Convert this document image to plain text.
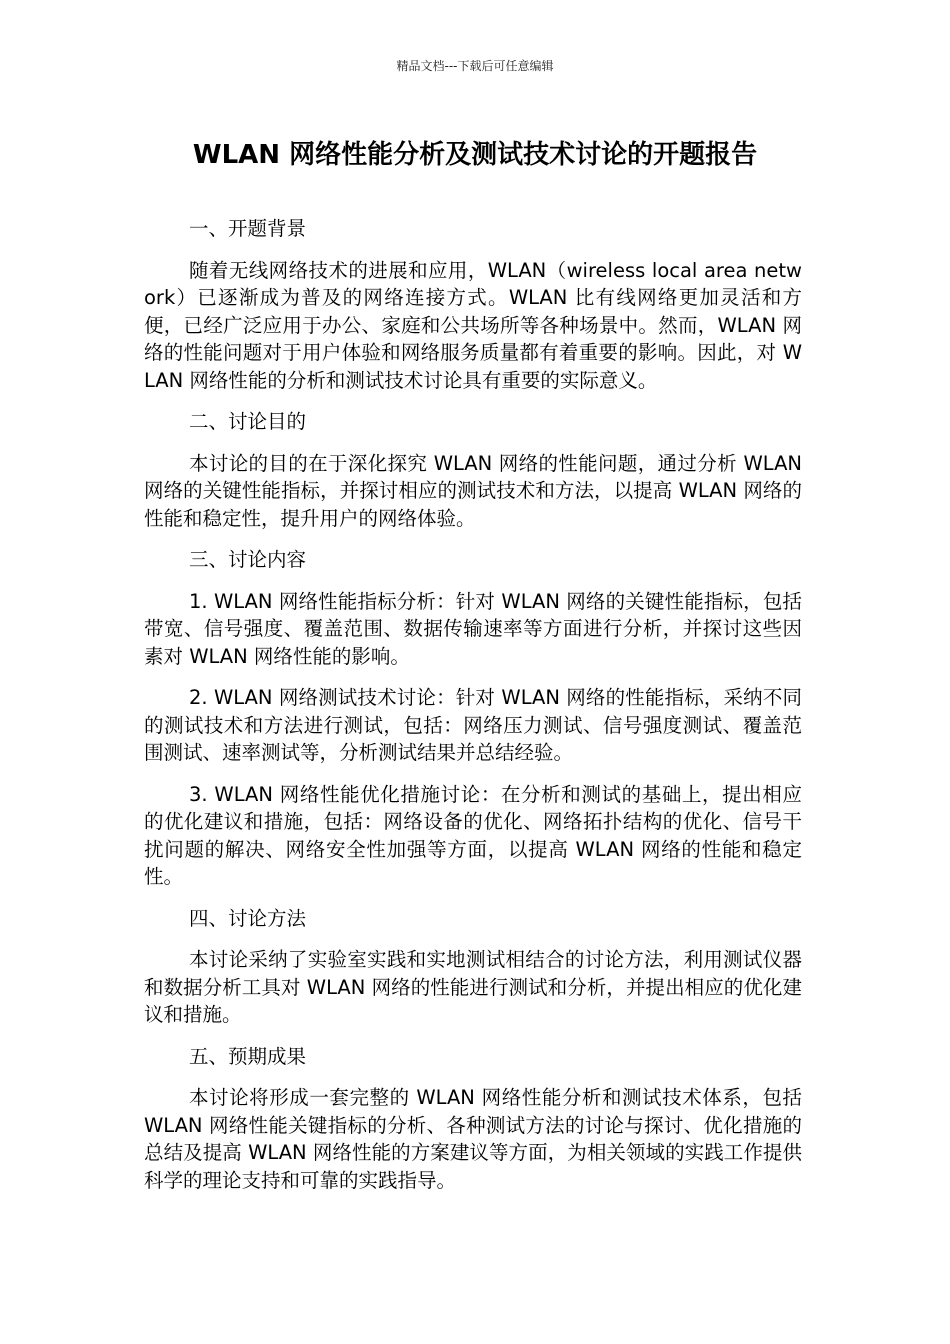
精品文档---下载后可任意编辑
WLAN 网络性能分析及测试技术讨论的开题报告
一、开题背景

随着无线网络技术的进展和应用，WLAN（wireless local area network）已逐渐成为普及的网络连接方式。WLAN 比有线网络更加灵活和方便，已经广泛应用于办公、家庭和公共场所等各种场景中。然而，WLAN 网络的性能问题对于用户体验和网络服务质量都有着重要的影响。因此，对 WLAN 网络性能的分析和测试技术讨论具有重要的实际意义。

二、讨论目的

本讨论的目的在于深化探究 WLAN 网络的性能问题，通过分析 WLAN 网络的关键性能指标，并探讨相应的测试技术和方法，以提高 WLAN 网络的性能和稳定性，提升用户的网络体验。

三、讨论内容

1. WLAN 网络性能指标分析：针对 WLAN 网络的关键性能指标，包括带宽、信号强度、覆盖范围、数据传输速率等方面进行分析，并探讨这些因素对 WLAN 网络性能的影响。

2. WLAN 网络测试技术讨论：针对 WLAN 网络的性能指标，采纳不同的测试技术和方法进行测试，包括：网络压力测试、信号强度测试、覆盖范围测试、速率测试等，分析测试结果并总结经验。

3. WLAN 网络性能优化措施讨论：在分析和测试的基础上，提出相应的优化建议和措施，包括：网络设备的优化、网络拓扑结构的优化、信号干扰问题的解决、网络安全性加强等方面，以提高 WLAN 网络的性能和稳定性。

四、讨论方法

本讨论采纳了实验室实践和实地测试相结合的讨论方法，利用测试仪器和数据分析工具对 WLAN 网络的性能进行测试和分析，并提出相应的优化建议和措施。

五、预期成果

本讨论将形成一套完整的 WLAN 网络性能分析和测试技术体系，包括 WLAN 网络性能关键指标的分析、各种测试方法的讨论与探讨、优化措施的总结及提高 WLAN 网络性能的方案建议等方面，为相关领域的实践工作提供科学的理论支持和可靠的实践指导。
